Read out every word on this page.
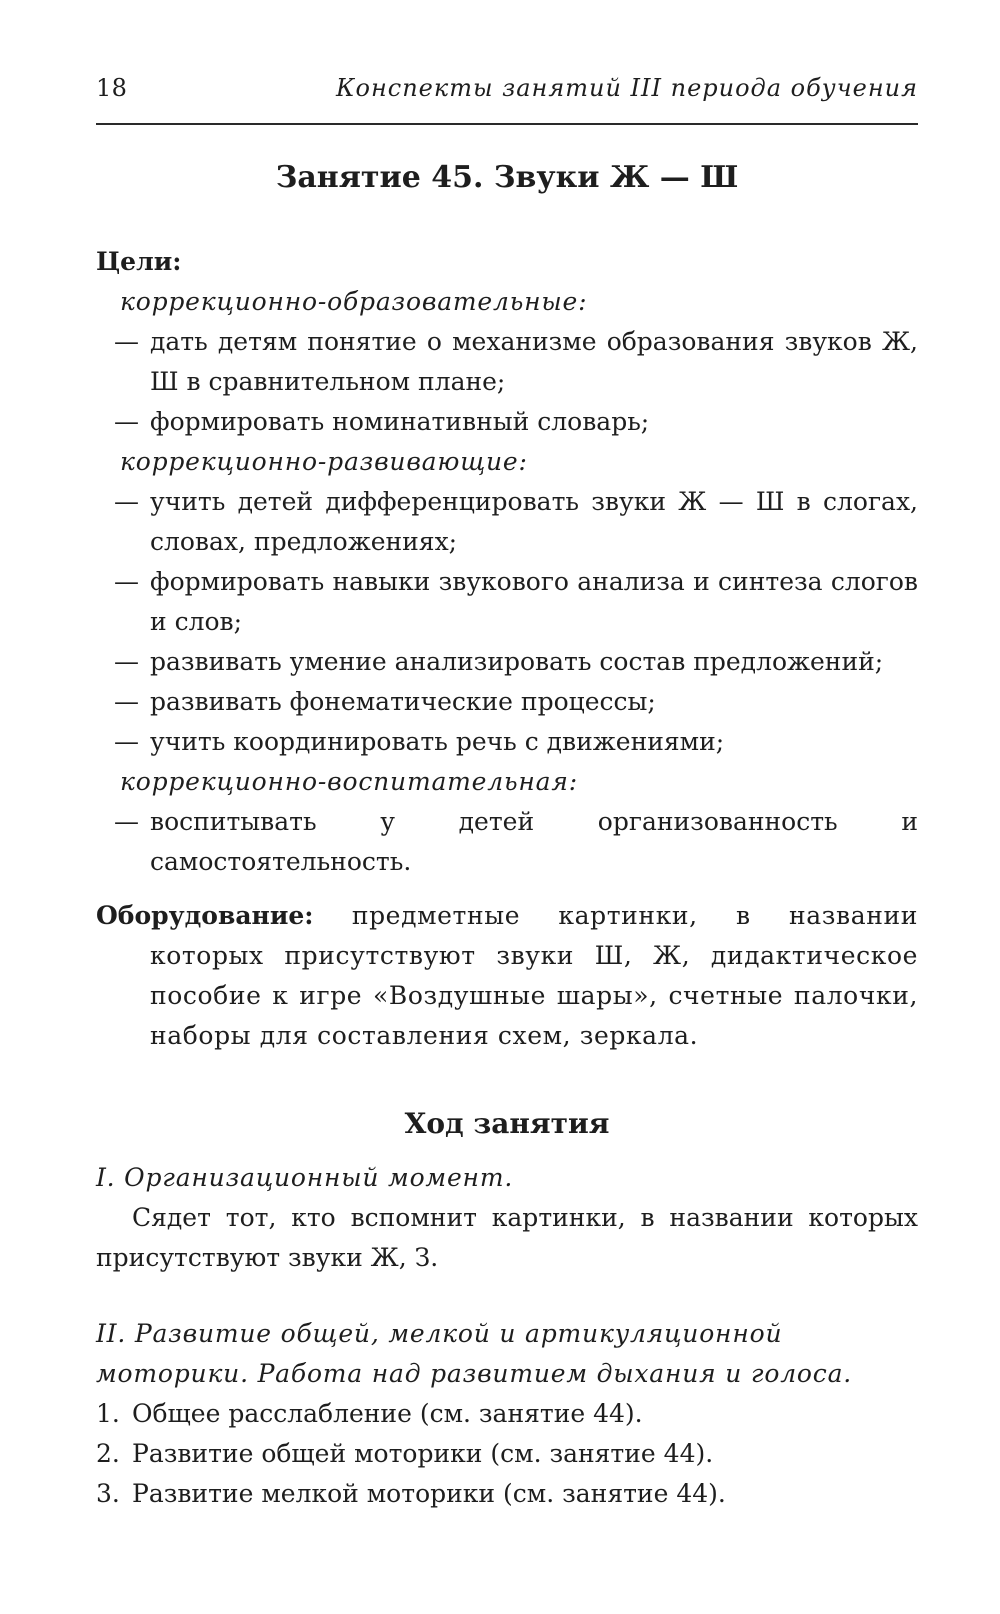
18	Конспекты занятий III периода обучения
Занятие 45. Звуки Ж — Ш

Цели:

коррекционно-образовательные:

— дать детям понятие о механизме образования звуков Ж, Ш в сравнительном плане;

— формировать номинативный словарь;

коррекционно-развивающие:

— учить детей дифференцировать звуки Ж — Ш в слогах, словах, предложениях;

— формировать навыки звукового анализа и синтеза слогов и слов;

— развивать умение анализировать состав предложений;

— развивать фонематические процессы;

— учить координировать речь с движениями;

коррекционно-воспитательная:

— воспитывать у детей организованность и самостоятельность.

Оборудование: предметные картинки, в названии которых присутствуют звуки Ш, Ж, дидактическое пособие к игре «Воздушные шары», счетные палочки, наборы для составления схем, зеркала.

Ход занятия

I. Организационный момент.

Сядет тот, кто вспомнит картинки, в названии которых присутствуют звуки Ж, З.

II. Развитие общей, мелкой и артикуляционной моторики. Работа над развитием дыхания и голоса.

1. Общее расслабление (см. занятие 44).

2. Развитие общей моторики (см. занятие 44).

3. Развитие мелкой моторики (см. занятие 44).
